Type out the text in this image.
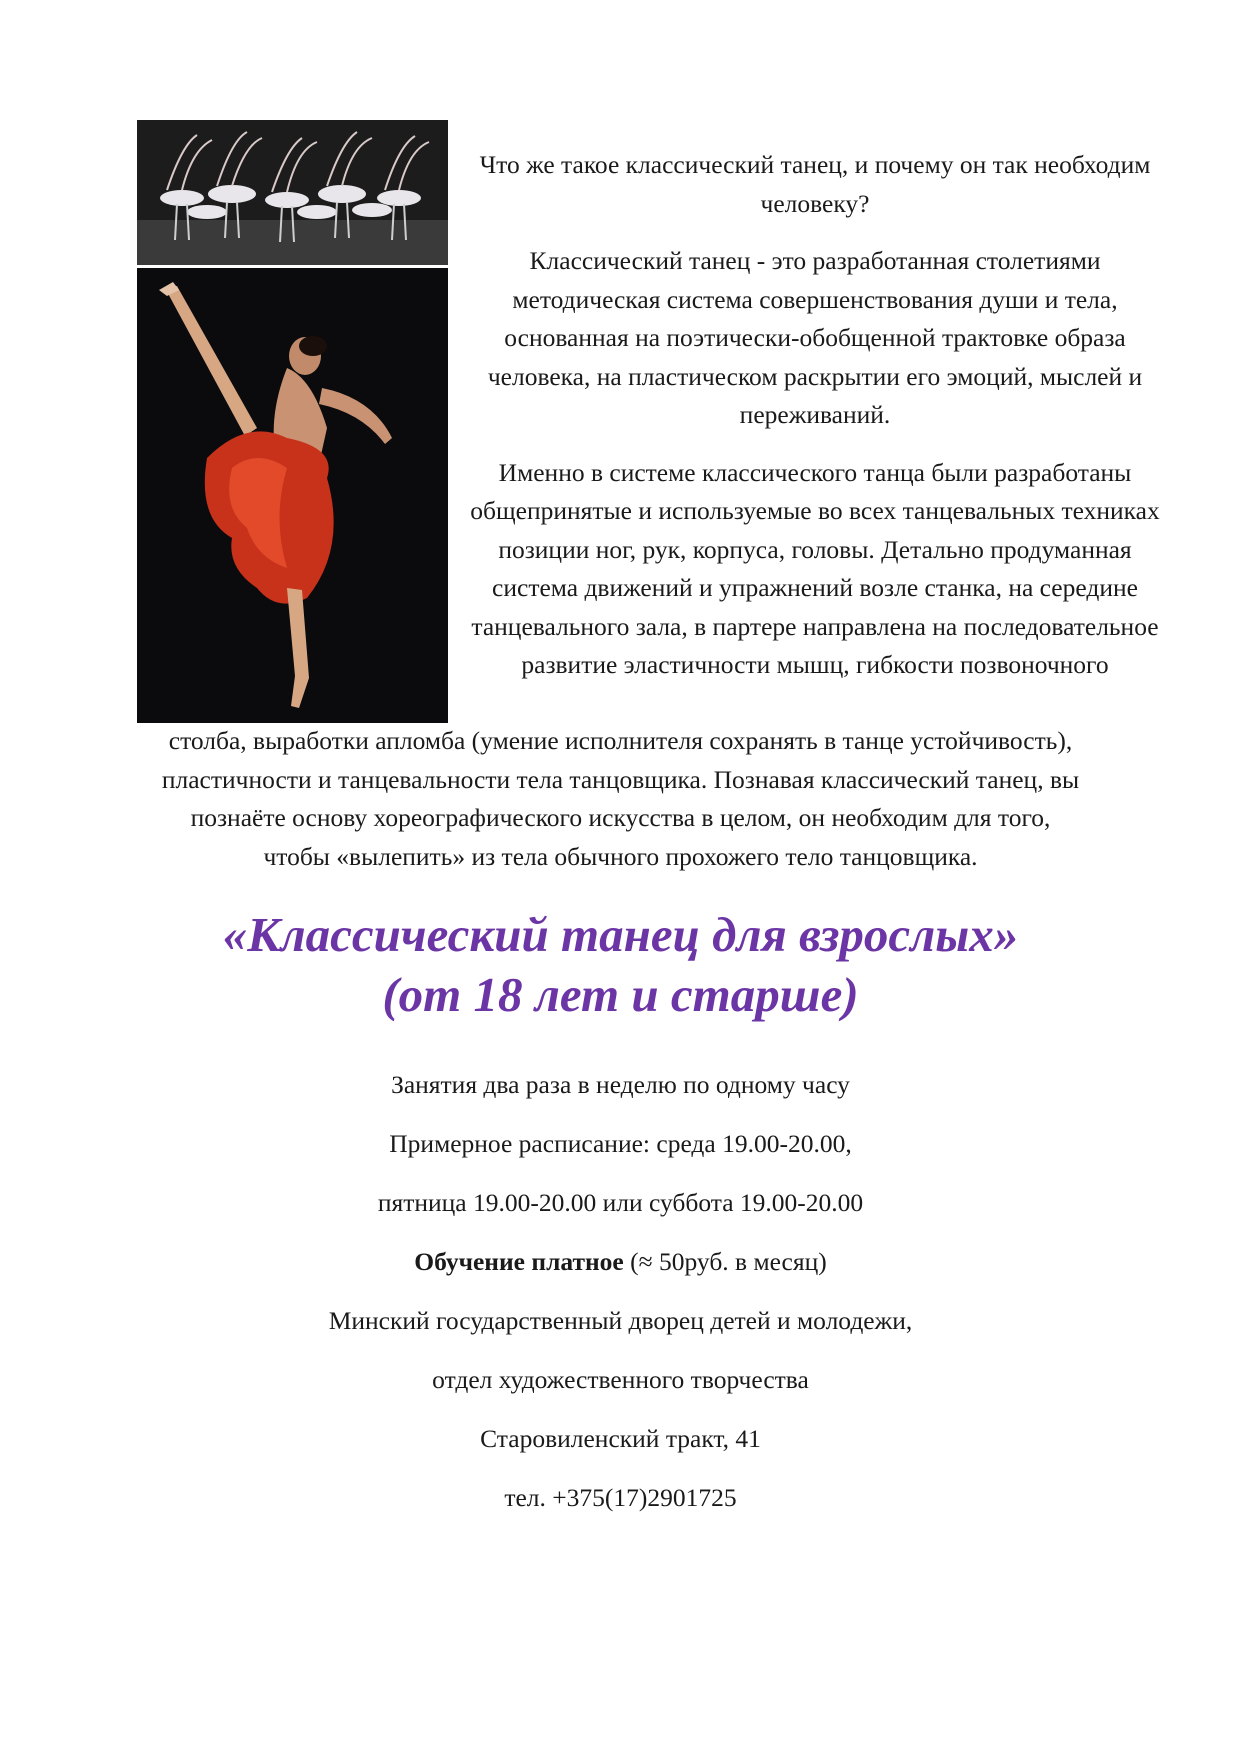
Что же такое классический танец, и почему он так необходим человеку?

Классический танец - это разработанная столетиями методическая система совершенствования души и тела, основанная на поэтически-обобщенной трактовке образа человека, на пластическом раскрытии его эмоций, мыслей и переживаний.

Именно в системе классического танца были разработаны общепринятые и используемые во всех танцевальных техниках позиции ног, рук, корпуса, головы. Детально продуманная система движений и упражнений возле станка, на середине танцевального зала, в партере направлена на последовательное развитие эластичности мышц, гибкости позвоночного

столба, выработки апломба (умение исполнителя сохранять в танце устойчивость),
пластичности и танцевальности тела танцовщика. Познавая классический танец, вы
познаёте основу хореографического искусства в целом, он необходим для того,
чтобы «вылепить» из тела обычного прохожего тело танцовщика.
«Классический танец для взрослых»
(от 18 лет и старше)
Занятия два раза в неделю по одному часу
Примерное расписание: среда 19.00-20.00,
пятница 19.00-20.00 или суббота 19.00-20.00
Обучение платное (≈ 50руб. в месяц)
Минский государственный дворец детей и молодежи,
отдел художественного творчества
Старовиленский тракт, 41
тел. +375(17)2901725
